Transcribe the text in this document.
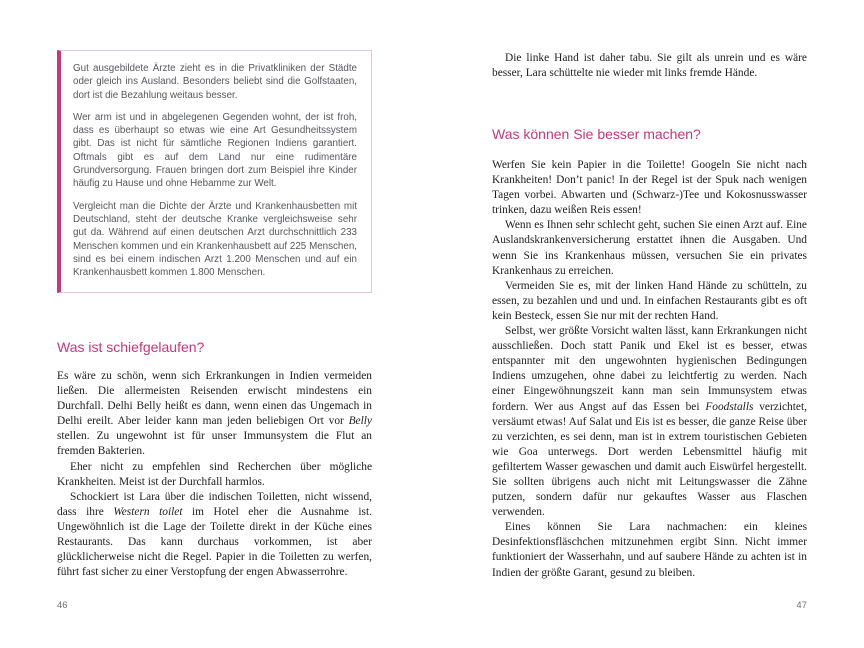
Gut ausgebildete Ärzte zieht es in die Privatkliniken der Städte oder gleich ins Ausland. Besonders beliebt sind die Golfstaaten, dort ist die Bezahlung weitaus besser.

Wer arm ist und in abgelegenen Gegenden wohnt, der ist froh, dass es überhaupt so etwas wie eine Art Gesundheitssystem gibt. Das ist nicht für sämtliche Regionen Indiens garantiert. Oftmals gibt es auf dem Land nur eine rudimentäre Grundversorgung. Frauen bringen dort zum Beispiel ihre Kinder häufig zu Hause und ohne Hebamme zur Welt.

Vergleicht man die Dichte der Ärzte und Krankenhausbetten mit Deutschland, steht der deutsche Kranke vergleichsweise sehr gut da. Während auf einen deutschen Arzt durchschnittlich 233 Menschen kommen und ein Krankenhausbett auf 225 Menschen, sind es bei einem indischen Arzt 1.200 Menschen und auf ein Krankenhausbett kommen 1.800 Menschen.

Was ist schiefgelaufen?

Es wäre zu schön, wenn sich Erkrankungen in Indien vermeiden ließen. Die allermeisten Reisenden erwischt mindestens ein Durchfall. Delhi Belly heißt es dann, wenn einen das Ungemach in Delhi ereilt. Aber leider kann man jeden beliebigen Ort vor Belly stellen. Zu ungewohnt ist für unser Immunsystem die Flut an fremden Bakterien.

Eher nicht zu empfehlen sind Recherchen über mögliche Krankheiten. Meist ist der Durchfall harmlos.

Schockiert ist Lara über die indischen Toiletten, nicht wissend, dass ihre Western toilet im Hotel eher die Ausnahme ist. Ungewöhnlich ist die Lage der Toilette direkt in der Küche eines Restaurants. Das kann durchaus vorkommen, ist aber glücklicherweise nicht die Regel. Papier in die Toiletten zu werfen, führt fast sicher zu einer Verstopfung der engen Abwasserrohre.

46

Die linke Hand ist daher tabu. Sie gilt als unrein und es wäre besser, Lara schüttelte nie wieder mit links fremde Hände.

Was können Sie besser machen?

Werfen Sie kein Papier in die Toilette! Googeln Sie nicht nach Krankheiten! Don’t panic! In der Regel ist der Spuk nach wenigen Tagen vorbei. Abwarten und (Schwarz-)Tee und Kokosnusswasser trinken, dazu weißen Reis essen!

Wenn es Ihnen sehr schlecht geht, suchen Sie einen Arzt auf. Eine Auslandskrankenversicherung erstattet ihnen die Ausgaben. Und wenn Sie ins Krankenhaus müssen, versuchen Sie ein privates Krankenhaus zu erreichen.

Vermeiden Sie es, mit der linken Hand Hände zu schütteln, zu essen, zu bezahlen und und und. In einfachen Restaurants gibt es oft kein Besteck, essen Sie nur mit der rechten Hand.

Selbst, wer größte Vorsicht walten lässt, kann Erkrankungen nicht ausschließen. Doch statt Panik und Ekel ist es besser, etwas entspannter mit den ungewohnten hygienischen Bedingungen Indiens umzugehen, ohne dabei zu leichtfertig zu werden. Nach einer Eingewöhnungszeit kann man sein Immunsystem etwas fordern. Wer aus Angst auf das Essen bei Foodstalls verzichtet, versäumt etwas! Auf Salat und Eis ist es besser, die ganze Reise über zu verzichten, es sei denn, man ist in extrem touristischen Gebieten wie Goa unterwegs. Dort werden Lebensmittel häufig mit gefiltertem Wasser gewaschen und damit auch Eiswürfel hergestellt. Sie sollten übrigens auch nicht mit Leitungswasser die Zähne putzen, sondern dafür nur gekauftes Wasser aus Flaschen verwenden.

Eines können Sie Lara nachmachen: ein kleines Desinfektionsfläschchen mitzunehmen ergibt Sinn. Nicht immer funktioniert der Wasserhahn, und auf saubere Hände zu achten ist in Indien der größte Garant, gesund zu bleiben.

47
